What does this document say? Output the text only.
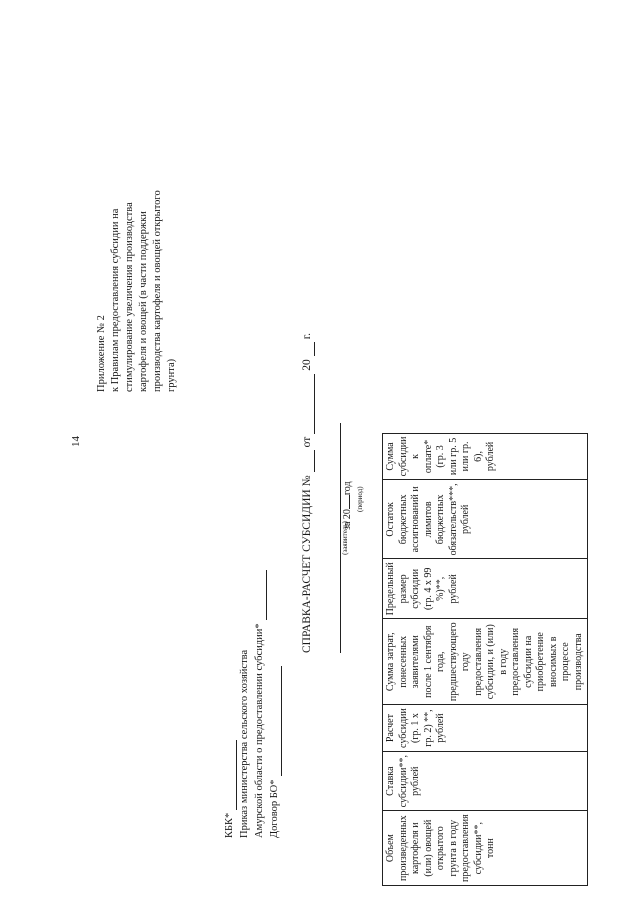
14
Приложение № 2 к Правилам предоставления субсидии на стимулирование увеличения производства картофеля и овощей (в части поддержки производства картофеля и овощей открытого грунта)
КБК* Приказ министерства сельского хозяйства Амурской области о предоставлении субсидии* Договор БО*
СПРАВКА-РАСЧЕТ СУБСИДИИ №
от
20
г.
(заявитель)
за 20год (период)
Объем произведенных картофеля и (или) овощей открытого грунта в году предоставления субсидии**, тонн	Ставка субсидии**, рублей	Расчет субсидии (гр. 1 х гр. 2) **, рублей	Сумма затрат, понесенных заявителями после 1 сентября года, предшествующего году предоставления субсидии, и (или) в году предоставления субсидии на приобретение вносимых в процессе производства	Предельный размер субсидии (гр. 4 х 99 %)**, рублей	Остаток бюджетных ассигнований и лимитов бюджетных обязательств***, рублей	Сумма субсидии к оплате* (гр. 3 или гр. 5 или гр. 6), рублей
